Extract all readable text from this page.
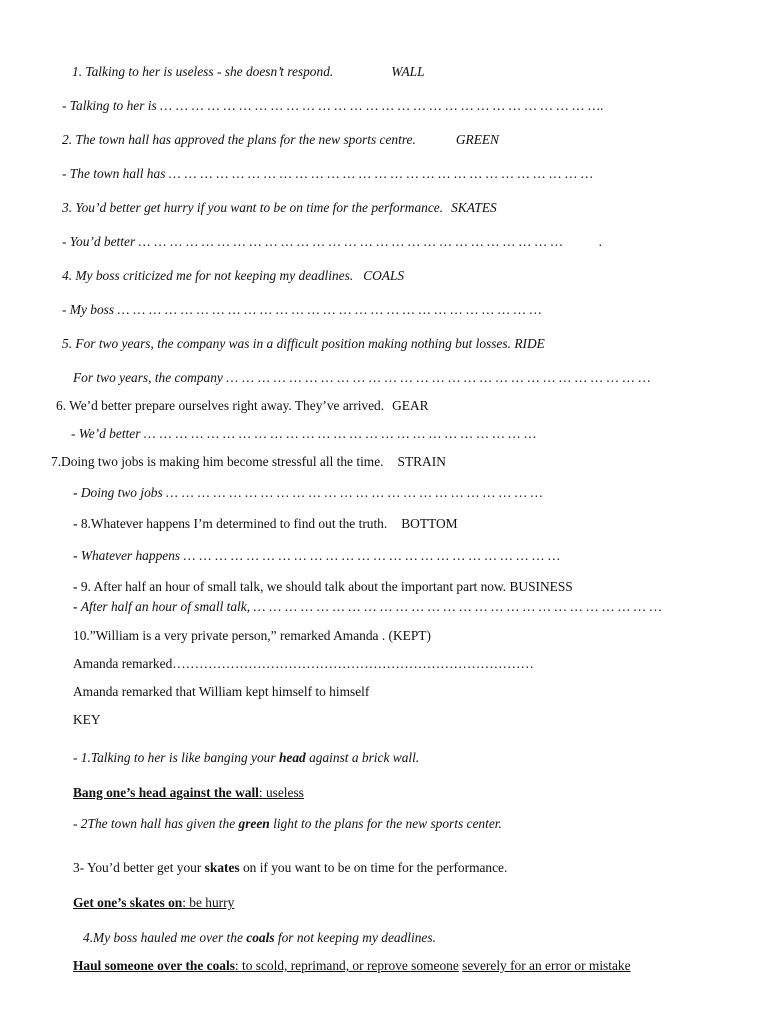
1. Talking to her is useless - she doesn’t respond.	WALL
- Talking to her is … … … … … … … … … … … … … … … … … … … … … … … … … … … ….
2. The town hall has approved the plans for the new sports centre.	GREEN
- The town hall has … … … … … … … … … … … … … … … … … … … … … … … … … … …
3. You’d better get hurry if you want to be on time for the performance. SKATES
- You’d better … … … … … … … … … … … … … … … … … … … … … … … … … … …	.
4. My boss criticized me for not keeping my deadlines. COALS
- My boss … … … … … … … … … … … … … … … … … … … … … … … … … … …
5. For two years, the company was in a difficult position making nothing but losses. RIDE
For two years, the company … … … … … … … … … … … … … … … … … … … … … … … … … … …
6. We’d better prepare ourselves right away. They’ve arrived. GEAR
- We’d better … … … … … … … … … … … … … … … … … … … … … … … … …
7.Doing two jobs is making him become stressful all the time. STRAIN
- Doing two jobs … … … … … … … … … … … … … … … … … … … … … … … …
- 8.Whatever happens I’m determined to find out the truth. BOTTOM
- Whatever happens … … … … … … … … … … … … … … … … … … … … … … … …
- 9. After half an hour of small talk, we should talk about the important part now. BUSINESS
- After half an hour of small talk, … … … … … … … … … … … … … … … … … … … … … … … … … …
10.”William is a very private person,” remarked Amanda . (KEPT)
Amanda remarked………………………………………………………………………
Amanda remarked that William kept himself to himself
KEY
- 1.Talking to her is like banging your head against a brick wall.
Bang one’s head against the wall: useless
- 2The town hall has given the green light to the plans for the new sports center.
3- You’d better get your skates on if you want to be on time for the performance.
Get one’s skates on: be hurry
4.My boss hauled me over the coals for not keeping my deadlines.
Haul someone over the coals: to scold, reprimand, or reprove someone severely for an error or mistake
